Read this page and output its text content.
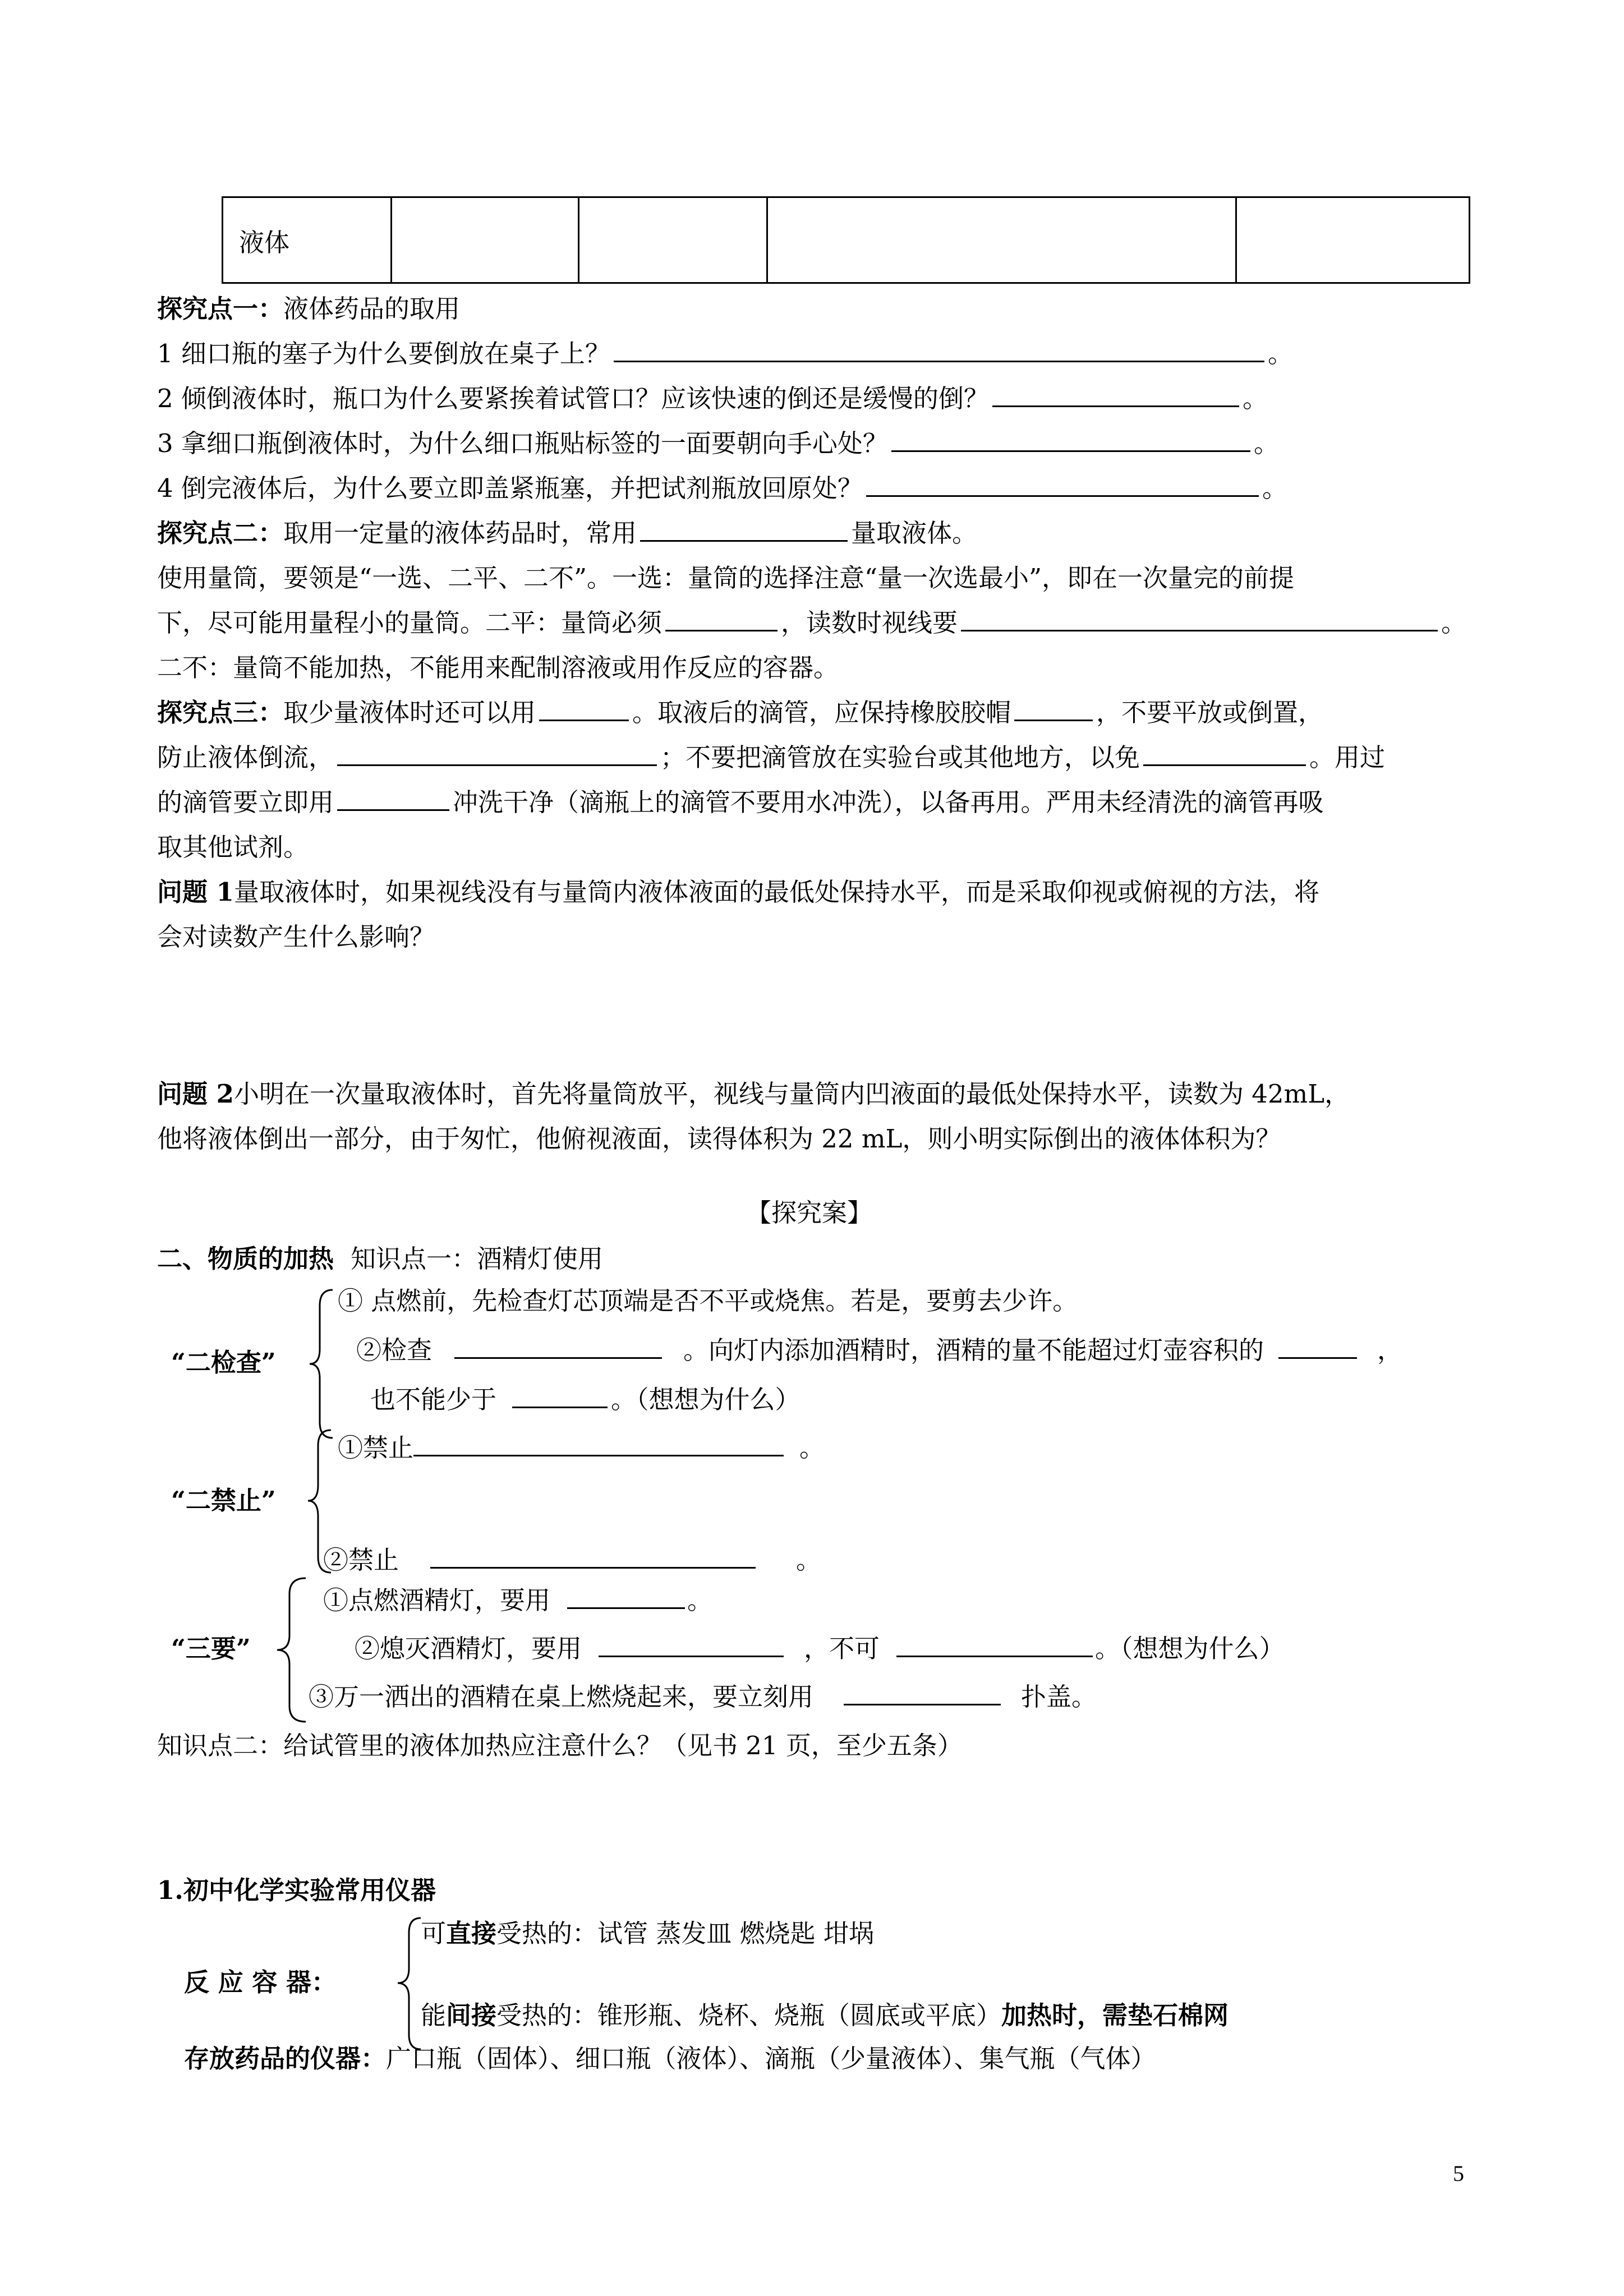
液体				
探究点一：液体药品的取用
1 细口瓶的塞子为什么要倒放在桌子上？	。
2 倾倒液体时，瓶口为什么要紧挨着试管口？应该快速的倒还是缓慢的倒？	。
3 拿细口瓶倒液体时，为什么细口瓶贴标签的一面要朝向手心处？	。
4 倒完液体后，为什么要立即盖紧瓶塞，并把试剂瓶放回原处？	。
探究点二：取用一定量的液体药品时，常用	量取液体。
使用量筒，要领是“一选、二平、二不”。一选：量筒的选择注意“量一次选最小”，即在一次量完的前提
下，尽可能用量程小的量筒。二平：量筒必须	，读数时视线要	。
二不：量筒不能加热，不能用来配制溶液或用作反应的容器。
探究点三：取少量液体时还可以用	。取液后的滴管，应保持橡胶胶帽	，不要平放或倒置，
防止液体倒流，	；不要把滴管放在实验台或其他地方，以免	。用过
的滴管要立即用	冲洗干净（滴瓶上的滴管不要用水冲洗），以备再用。严用未经清洗的滴管再吸
取其他试剂。
问题 1量取液体时，如果视线没有与量筒内液体液面的最低处保持水平，而是采取仰视或俯视的方法，将
会对读数产生什么影响？
问题 2小明在一次量取液体时，首先将量筒放平，视线与量筒内凹液面的最低处保持水平，读数为 42mL，
他将液体倒出一部分，由于匆忙，他俯视液面，读得体积为 22 mL，则小明实际倒出的液体体积为？
【探究案】
二、物质的加热 知识点一：酒精灯使用
“二检查”
① 点燃前，先检查灯芯顶端是否不平或烧焦。若是，要剪去少许。
②检查	。向灯内添加酒精时，酒精的量不能超过灯壶容积的	，
也不能少于	。（想想为什么）
“二禁止”
①禁止	。
②禁止	。
“三要”
①点燃酒精灯，要用	。
②熄灭酒精灯，要用	，不可	。（想想为什么）
③万一洒出的酒精在桌上燃烧起来，要立刻用	扑盖。
知识点二：给试管里的液体加热应注意什么？（见书 21 页，至少五条）
1.初中化学实验常用仪器
反 应 容 器：
可直接受热的：试管 蒸发皿 燃烧匙 坩埚
能间接受热的：锥形瓶、烧杯、烧瓶（圆底或平底）加热时，需垫石棉网
存放药品的仪器：广口瓶（固体）、细口瓶（液体）、滴瓶（少量液体）、集气瓶（气体）
5
